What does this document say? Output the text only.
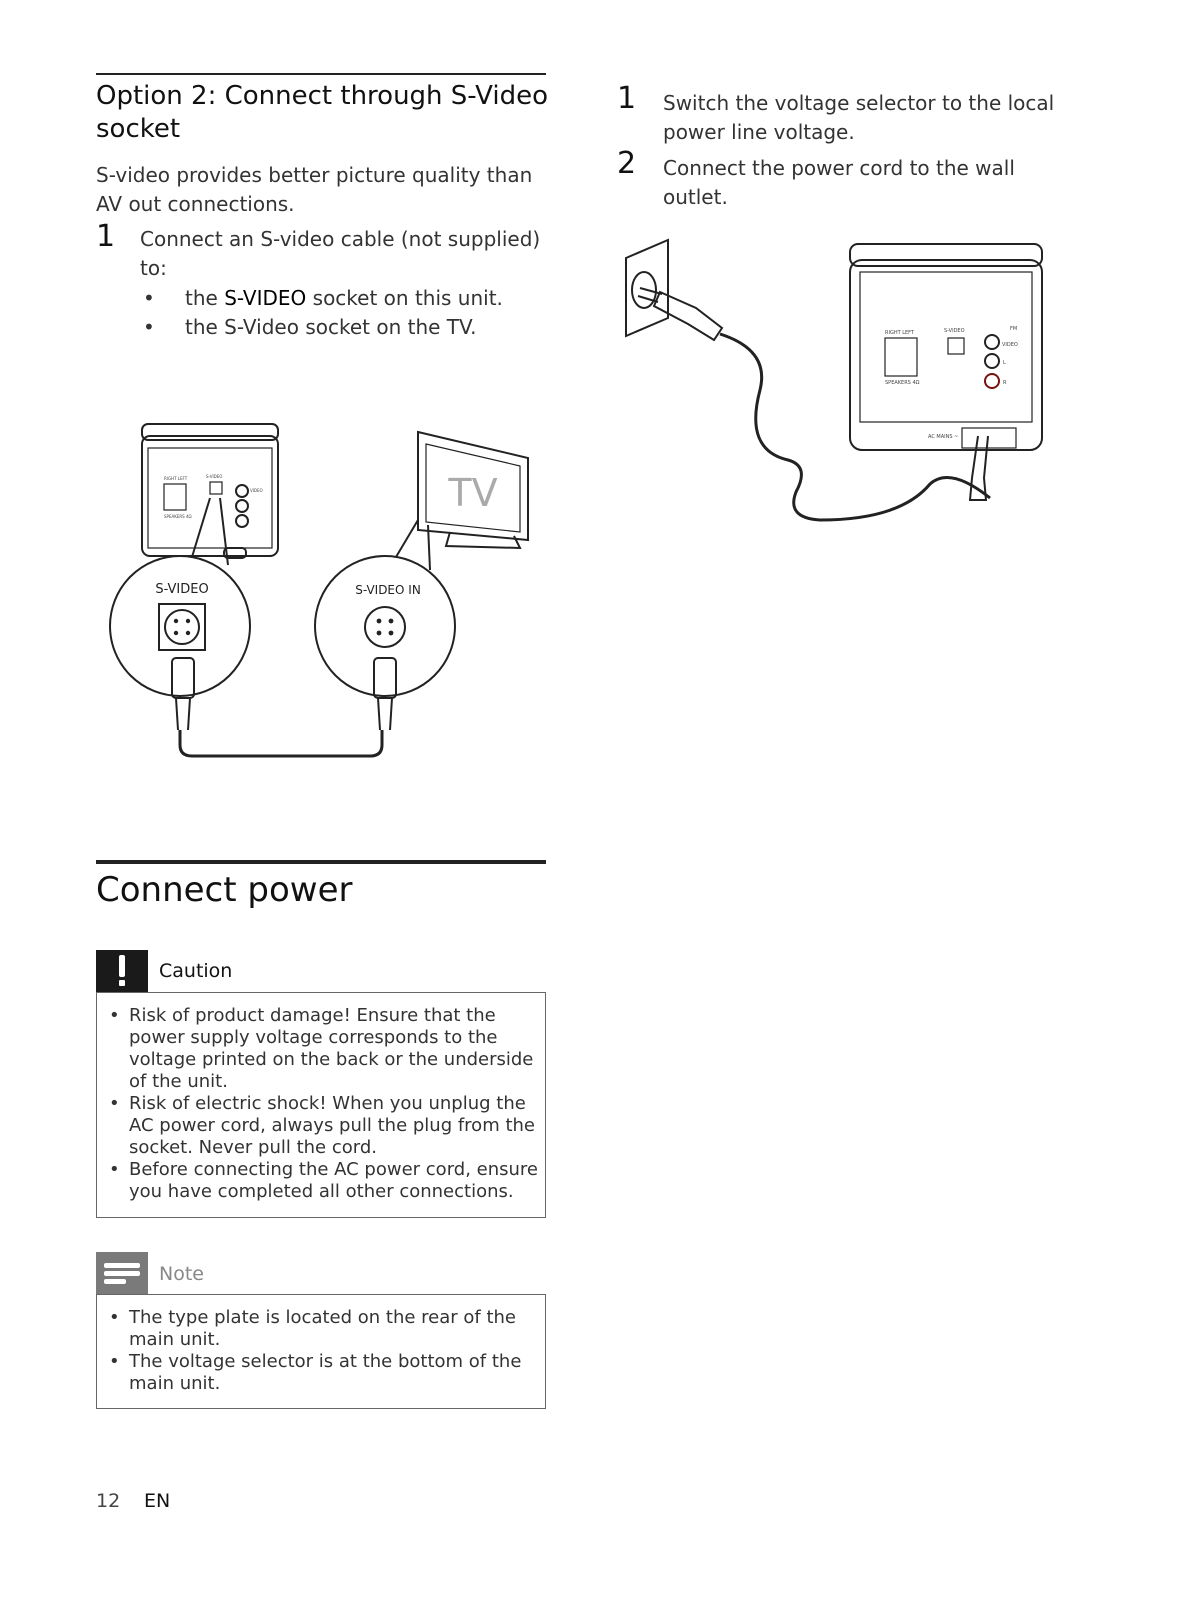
Option 2: Connect through S-Video
socket

S-video provides better picture quality than
AV out connections.

1 Connect an S-video cable (not supplied)
to:

• the S-VIDEO socket on this unit.
• the S-Video socket on the TV.
TV
S-VIDEO	S-VIDEO IN
RIGHT LEFT
SPEAKERS 4Ω
S-VIDEO
VIDEO
1 Switch the voltage selector to the local
power line voltage.

2 Connect the power cord to the wall
outlet.

RIGHT LEFT
SPEAKERS 4Ω
S-VIDEO	FM
VIDEO
L
R
AC MAINS ~
Connect power
Caution
• Risk of product damage! Ensure that the power supply voltage corresponds to the voltage printed on the back or the underside of the unit.
• Risk of electric shock! When you unplug the AC power cord, always pull the plug from the socket. Never pull the cord.
• Before connecting the AC power cord, ensure you have completed all other connections.
Note
• The type plate is located on the rear of the main unit.
• The voltage selector is at the bottom of the main unit.
12 EN
